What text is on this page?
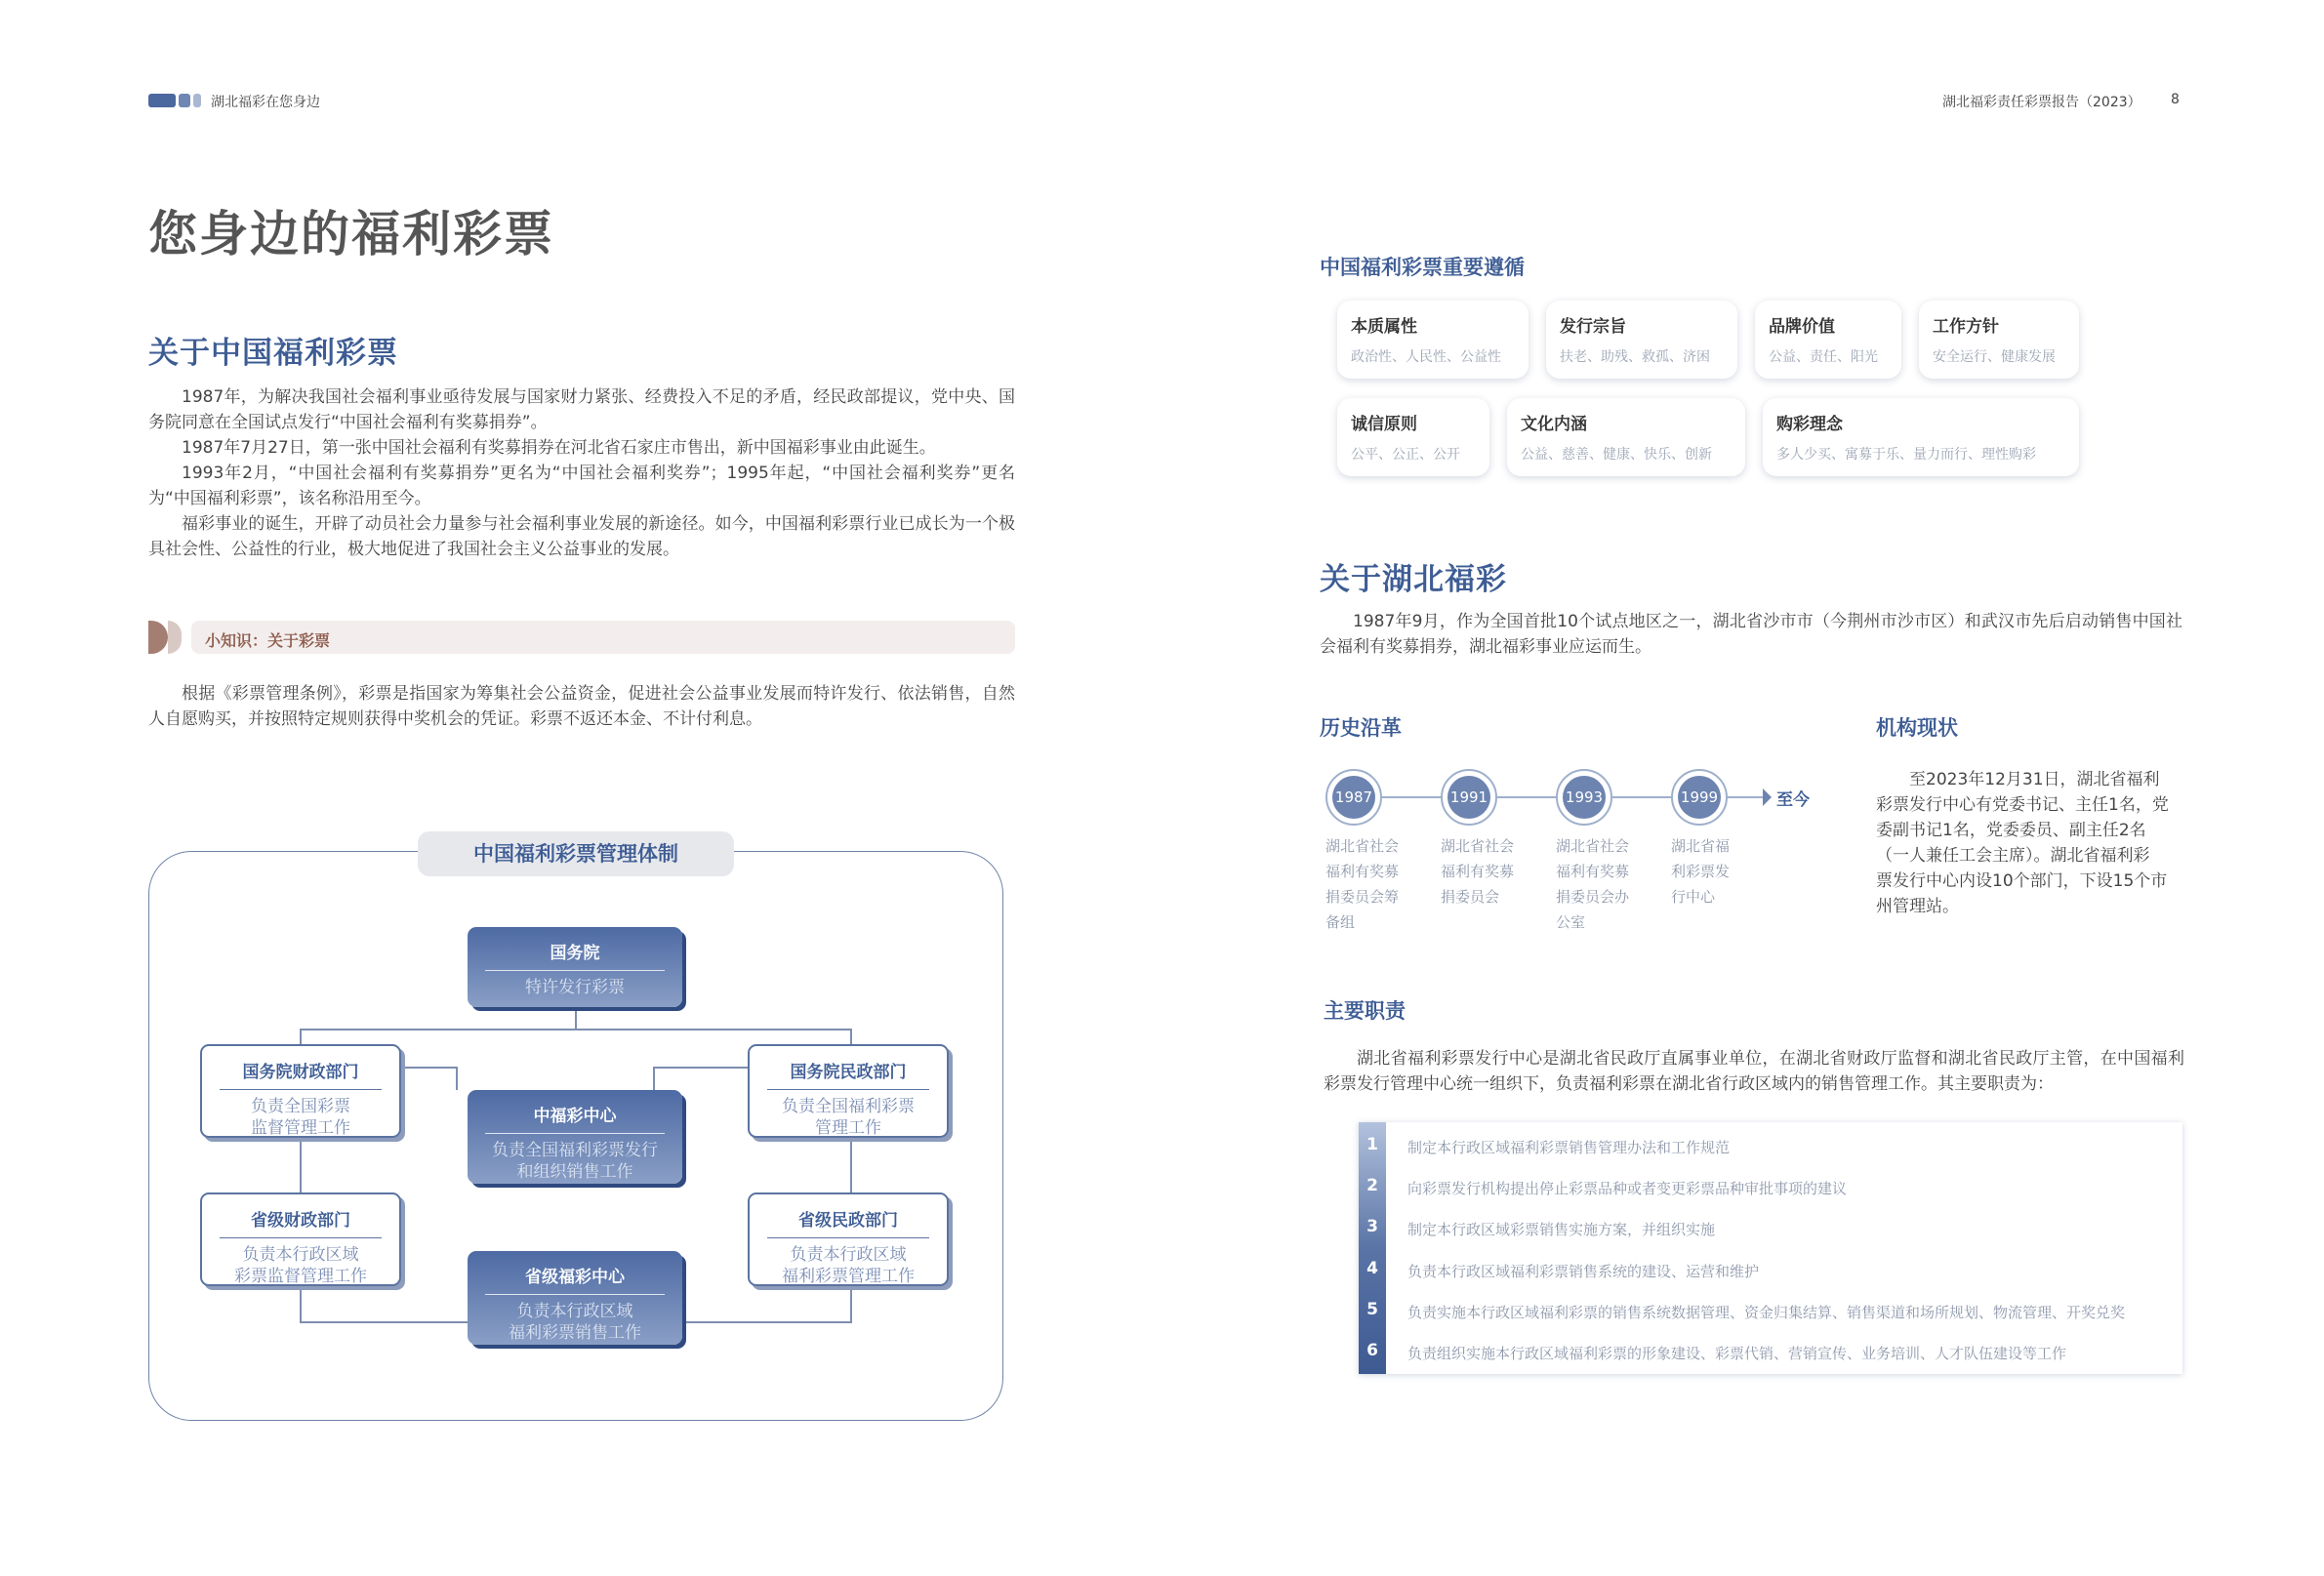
湖北福彩在您身边
您身边的福利彩票
关于中国福利彩票

1987年，为解决我国社会福利事业亟待发展与国家财力紧张、经费投入不足的矛盾，经民政部提议，党中央、国务院同意在全国试点发行“中国社会福利有奖募捐券”。

1987年7月27日，第一张中国社会福利有奖募捐券在河北省石家庄市售出，新中国福彩事业由此诞生。

1993年2月，“中国社会福利有奖募捐券”更名为“中国社会福利奖券”；1995年起，“中国社会福利奖券”更名为“中国福利彩票”，该名称沿用至今。

福彩事业的诞生，开辟了动员社会力量参与社会福利事业发展的新途径。如今，中国福利彩票行业已成长为一个极具社会性、公益性的行业，极大地促进了我国社会主义公益事业的发展。

小知识：关于彩票

根据《彩票管理条例》，彩票是指国家为筹集社会公益资金，促进社会公益事业发展而特许发行、依法销售，自然人自愿购买，并按照特定规则获得中奖机会的凭证。彩票不返还本金、不计付利息。

中国福利彩票管理体制
国务院
特许发行彩票
国务院财政部门
负责全国彩票
监督管理工作
国务院民政部门
负责全国福利彩票
管理工作
中福彩中心
负责全国福利彩票发行
和组织销售工作
省级财政部门
负责本行政区域
彩票监督管理工作
省级民政部门
负责本行政区域
福利彩票管理工作
省级福彩中心
负责本行政区域
福利彩票销售工作
湖北福彩责任彩票报告（2023） 8
中国福利彩票重要遵循
本质属性
政治性、人民性、公益性
发行宗旨
扶老、助残、救孤、济困
品牌价值
公益、责任、阳光
工作方针
安全运行、健康发展
诚信原则
公平、公正、公开
文化内涵
公益、慈善、健康、快乐、创新
购彩理念
多人少买、寓募于乐、量力而行、理性购彩
关于湖北福彩

1987年9月，作为全国首批10个试点地区之一，湖北省沙市市（今荆州市沙市区）和武汉市先后启动销售中国社会福利有奖募捐券，湖北福彩事业应运而生。

历史沿革	机构现状
1987	1991	1993	1999	至今
湖北省社会
福利有奖募
捐委员会筹
备组
湖北省社会
福利有奖募
捐委员会
湖北省社会
福利有奖募
捐委员会办
公室
湖北省福
利彩票发
行中心
至2023年12月31日，湖北省福利
彩票发行中心有党委书记、主任1名，党
委副书记1名，党委委员、副主任2名
（一人兼任工会主席）。湖北省福利彩
票发行中心内设10个部门，下设15个市
州管理站。
主要职责

湖北省福利彩票发行中心是湖北省民政厅直属事业单位，在湖北省财政厅监督和湖北省民政厅主管，在中国福利彩票发行管理中心统一组织下，负责福利彩票在湖北省行政区域内的销售管理工作。其主要职责为：

1	制定本行政区域福利彩票销售管理办法和工作规范
2	向彩票发行机构提出停止彩票品种或者变更彩票品种审批事项的建议
3	制定本行政区域彩票销售实施方案，并组织实施
4	负责本行政区域福利彩票销售系统的建设、运营和维护
5	负责实施本行政区域福利彩票的销售系统数据管理、资金归集结算、销售渠道和场所规划、物流管理、开奖兑奖
6	负责组织实施本行政区域福利彩票的形象建设、彩票代销、营销宣传、业务培训、人才队伍建设等工作
